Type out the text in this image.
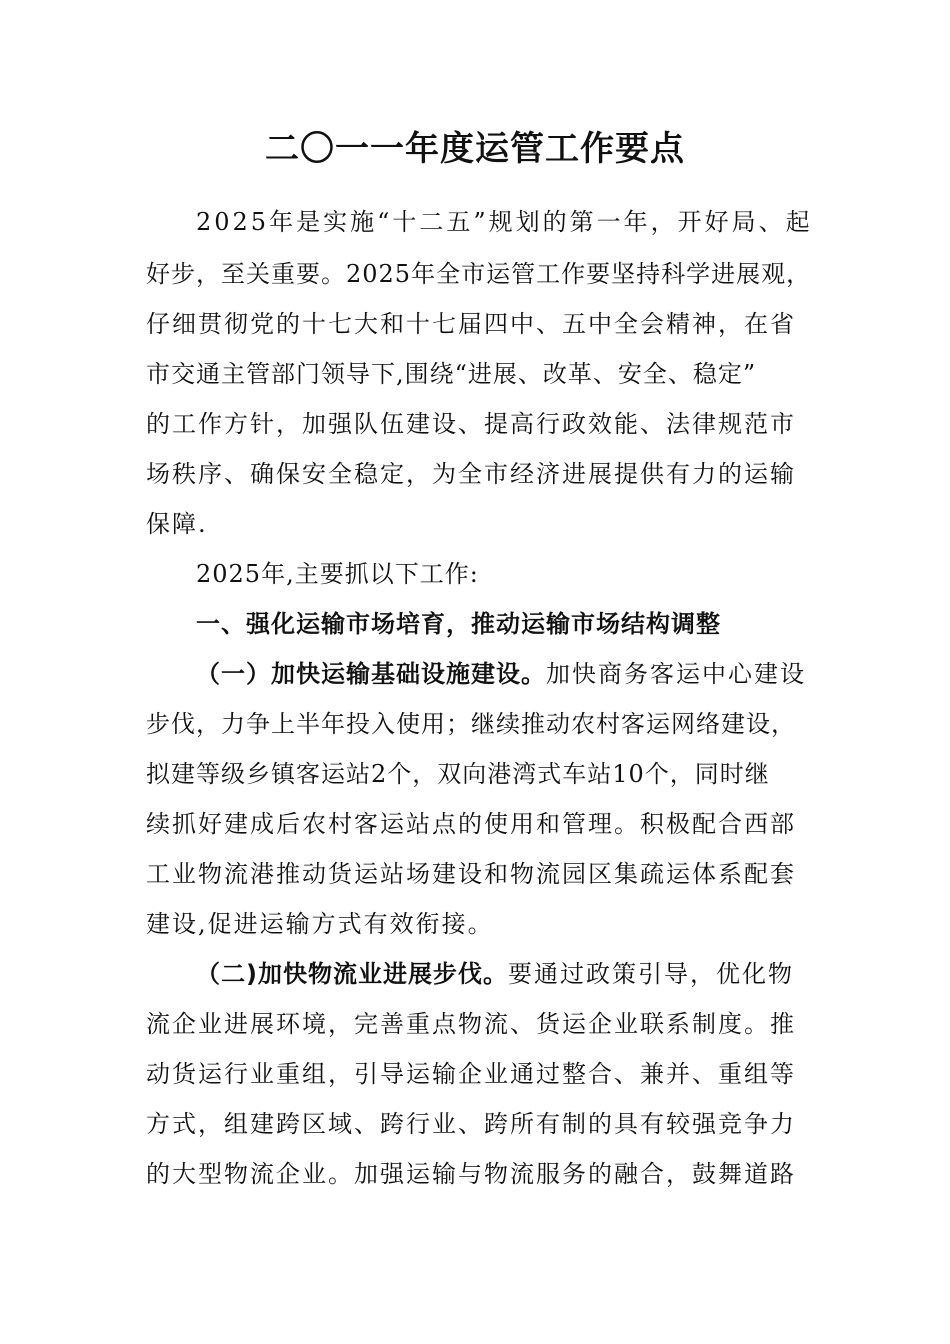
二〇一一年度运管工作要点

2025年是实施“十二五”规划的第一年，开好局、起

好步，至关重要。2025年全市运管工作要坚持科学进展观，

仔细贯彻党的十七大和十七届四中、五中全会精神，在省

市交通主管部门领导下,围绕“进展、改革、安全、稳定”

的工作方针，加强队伍建设、提高行政效能、法律规范市

场秩序、确保安全稳定，为全市经济进展提供有力的运输

保障.

2025年,主要抓以下工作:

一、强化运输市场培育，推动运输市场结构调整

（一）加快运输基础设施建设。加快商务客运中心建设

步伐，力争上半年投入使用；继续推动农村客运网络建设，

拟建等级乡镇客运站2个，双向港湾式车站10个，同时继

续抓好建成后农村客运站点的使用和管理。积极配合西部

工业物流港推动货运站场建设和物流园区集疏运体系配套

建设,促进运输方式有效衔接。

（二)加快物流业进展步伐。要通过政策引导，优化物

流企业进展环境，完善重点物流、货运企业联系制度。推

动货运行业重组，引导运输企业通过整合、兼并、重组等

方式，组建跨区域、跨行业、跨所有制的具有较强竞争力

的大型物流企业。加强运输与物流服务的融合，鼓舞道路
